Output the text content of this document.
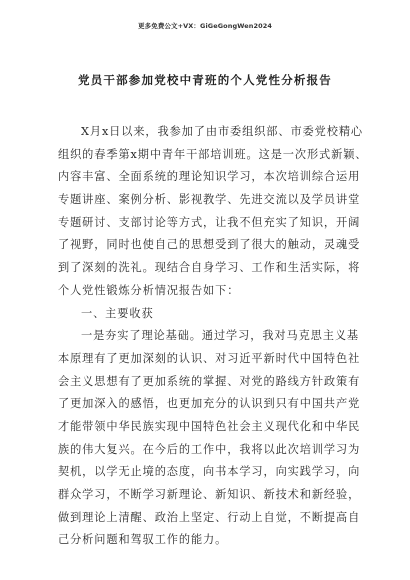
更多免费公文+VX：GiGeGongWen2024
党员干部参加党校中青班的个人党性分析报告
X月x日以来，我参加了由市委组织部、市委党校精心
组织的春季第x期中青年干部培训班。这是一次形式新颖、
内容丰富、全面系统的理论知识学习，本次培训综合运用
专题讲座、案例分析、影视教学、先进交流以及学员讲堂
专题研讨、支部讨论等方式，让我不但充实了知识，开阔
了视野，同时也使自己的思想受到了很大的触动，灵魂受
到了深刻的洗礼。现结合自身学习、工作和生活实际，将
个人党性锻炼分析情况报告如下：
一、主要收获
一是夯实了理论基础。通过学习，我对马克思主义基
本原理有了更加深刻的认识、对习近平新时代中国特色社
会主义思想有了更加系统的掌握、对党的路线方针政策有
了更加深入的感悟，也更加充分的认识到只有中国共产党
才能带领中华民族实现中国特色社会主义现代化和中华民
族的伟大复兴。在今后的工作中，我将以此次培训学习为
契机，以学无止境的态度，向书本学习，向实践学习，向
群众学习，不断学习新理论、新知识、新技术和新经验，
做到理论上清醒、政治上坚定、行动上自觉，不断提高自
己分析问题和驾驭工作的能力。
